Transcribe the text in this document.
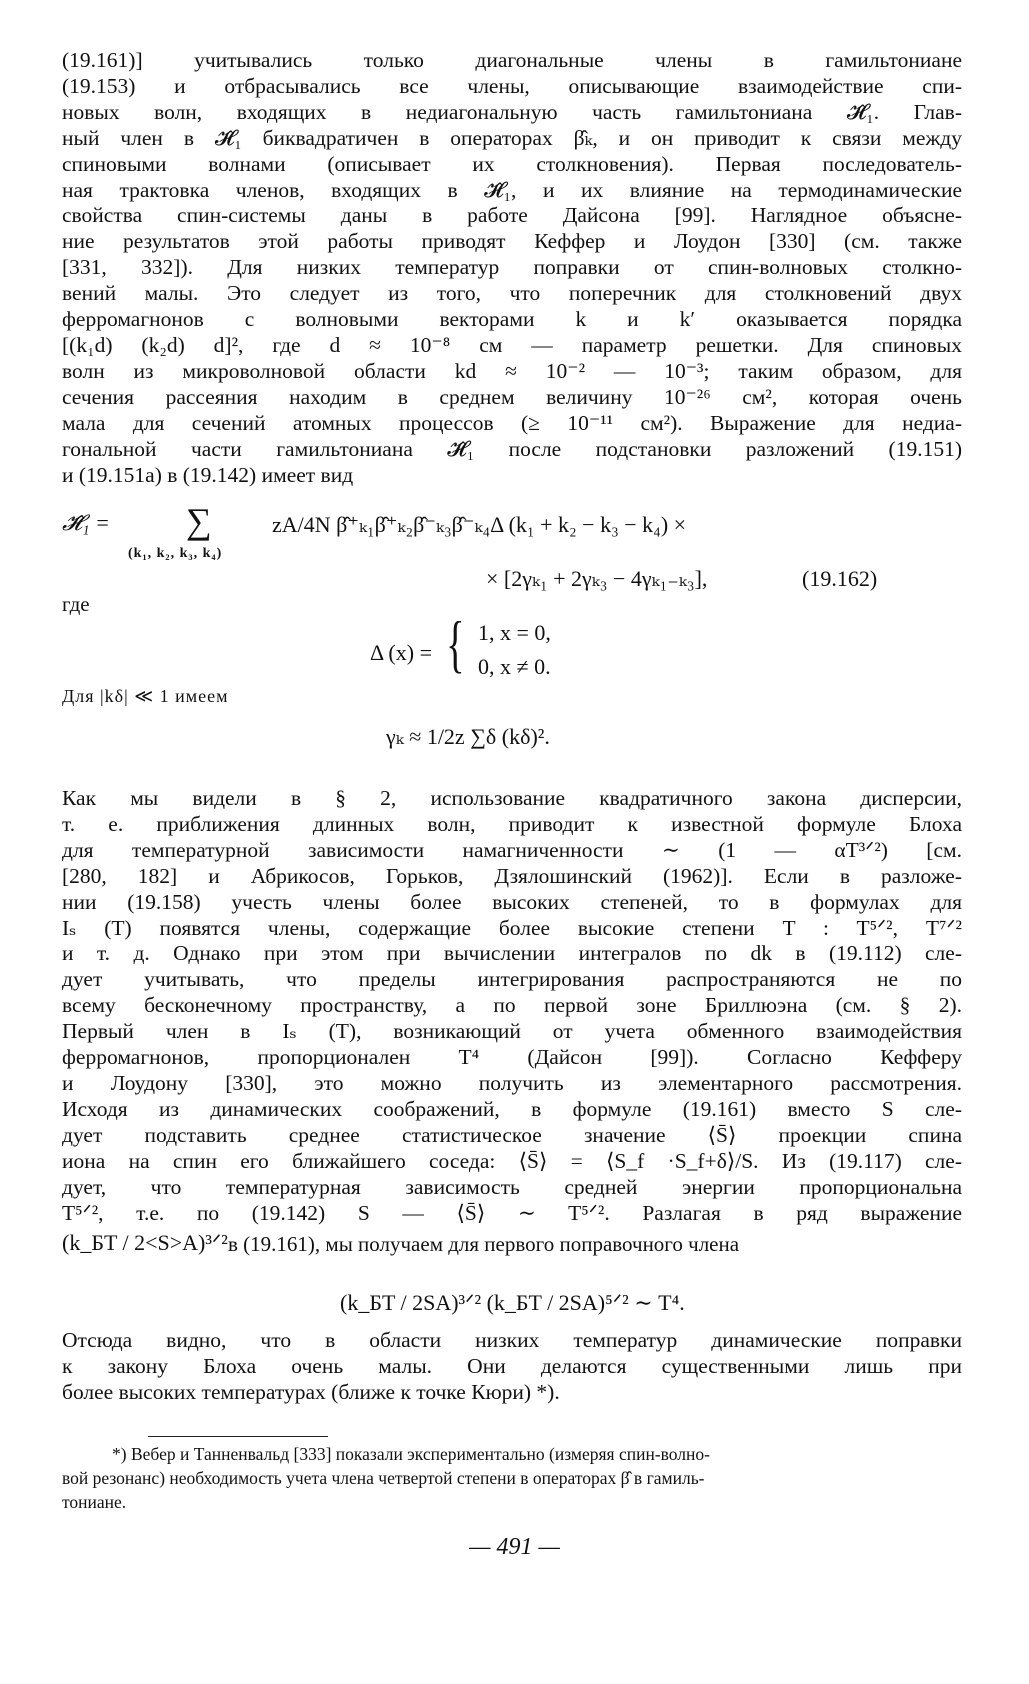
(19.161)] учитывались только диагональные члены в гамильтониане
(19.153) и отбрасывались все члены, описывающие взаимодействие спи-
новых волн, входящих в недиагональную часть гамильтониана 𝓗̂₁. Глав-
ный член в 𝓗̂₁ биквадратичен в операторах β̂ₖ, и он приводит к связи между
спиновыми волнами (описывает их столкновения). Первая последователь-
ная трактовка членов, входящих в 𝓗̂₁, и их влияние на термодинамические
свойства спин-системы даны в работе Дайсона [99]. Наглядное объясне-
ние результатов этой работы приводят Кеффер и Лоудон [330] (см. также
[331, 332]). Для низких температур поправки от спин-волновых столкно-
вений малы. Это следует из того, что поперечник для столкновений двух
ферромагнонов с волновыми векторами k и k′ оказывается порядка
[(k₁d) (k₂d) d]², где d ≈ 10⁻⁸ см — параметр решетки. Для спиновых
волн из микроволновой области kd ≈ 10⁻² — 10⁻³; таким образом, для
сечения рассеяния находим в среднем величину 10⁻²⁶ см², которая очень
мала для сечений атомных процессов (≥ 10⁻¹¹ см²). Выражение для недиа-
гональной части гамильтониана 𝓗̂₁ после подстановки разложений (19.151)
и (19.151а) в (19.142) имеет вид
𝓗̂₁ = ∑
(k₁, k₂, k₃, k₄)
zA/4N β̂⁺ₖ₁β̂⁺ₖ₂β̂⁻ₖ₃β̂⁻ₖ₄Δ (k₁ + k₂ − k₃ − k₄) ×
× [2γₖ₁ + 2γₖ₃ − 4γₖ₁₋ₖ₃],	(19.162)
где
Δ (x) = { 1, x = 0,
0, x ≠ 0.
Для |kδ| ≪ 1 имеем
γₖ ≈ 1/2z ∑δ (kδ)².
Как мы видели в § 2, использование квадратичного закона дисперсии,
т. е. приближения длинных волн, приводит к известной формуле Блоха
для температурной зависимости намагниченности ∼ (1 — αT³ᐟ²) [см.
[280, 182] и Абрикосов, Горьков, Дзялошинский (1962)]. Если в разложе-
нии (19.158) учесть члены более высоких степеней, то в формулах для
Iₛ (T) появятся члены, содержащие более высокие степени T : T⁵ᐟ², T⁷ᐟ²
и т. д. Однако при этом при вычислении интегралов по dk в (19.112) сле-
дует учитывать, что пределы интегрирования распространяются не по
всему бесконечному пространству, а по первой зоне Бриллюэна (см. § 2).
Первый член в Iₛ (T), возникающий от учета обменного взаимодействия
ферромагнонов, пропорционален T⁴ (Дайсон [99]). Согласно Кефферу
и Лоудону [330], это можно получить из элементарного рассмотрения.
Исходя из динамических соображений, в формуле (19.161) вместо S сле-
дует подставить среднее статистическое значение ⟨S̄⟩ проекции спина
иона на спин его ближайшего соседа: ⟨S̄⟩ = ⟨S_f ·S_f+δ⟩/S. Из (19.117) сле-
дует, что температурная зависимость средней энергии пропорциональна
T⁵ᐟ², т.е. по (19.142) S — ⟨S̄⟩ ∼ T⁵ᐟ². Разлагая в ряд выражение
(k_БT / 2<S>A)³ᐟ² в (19.161), мы получаем для первого поправочного члена
(k_БT / 2SA)³ᐟ² (k_БT / 2SA)⁵ᐟ² ∼ T⁴.
Отсюда видно, что в области низких температур динамические поправки
к закону Блоха очень малы. Они делаются существенными лишь при
более высоких температурах (ближе к точке Кюри) *).
*) Вебер и Танненвальд [333] показали экспериментально (измеряя спин-волно-
вой резонанс) необходимость учета члена четвертой степени в операторах β̂ в гамиль-
тониане.
— 491 —
